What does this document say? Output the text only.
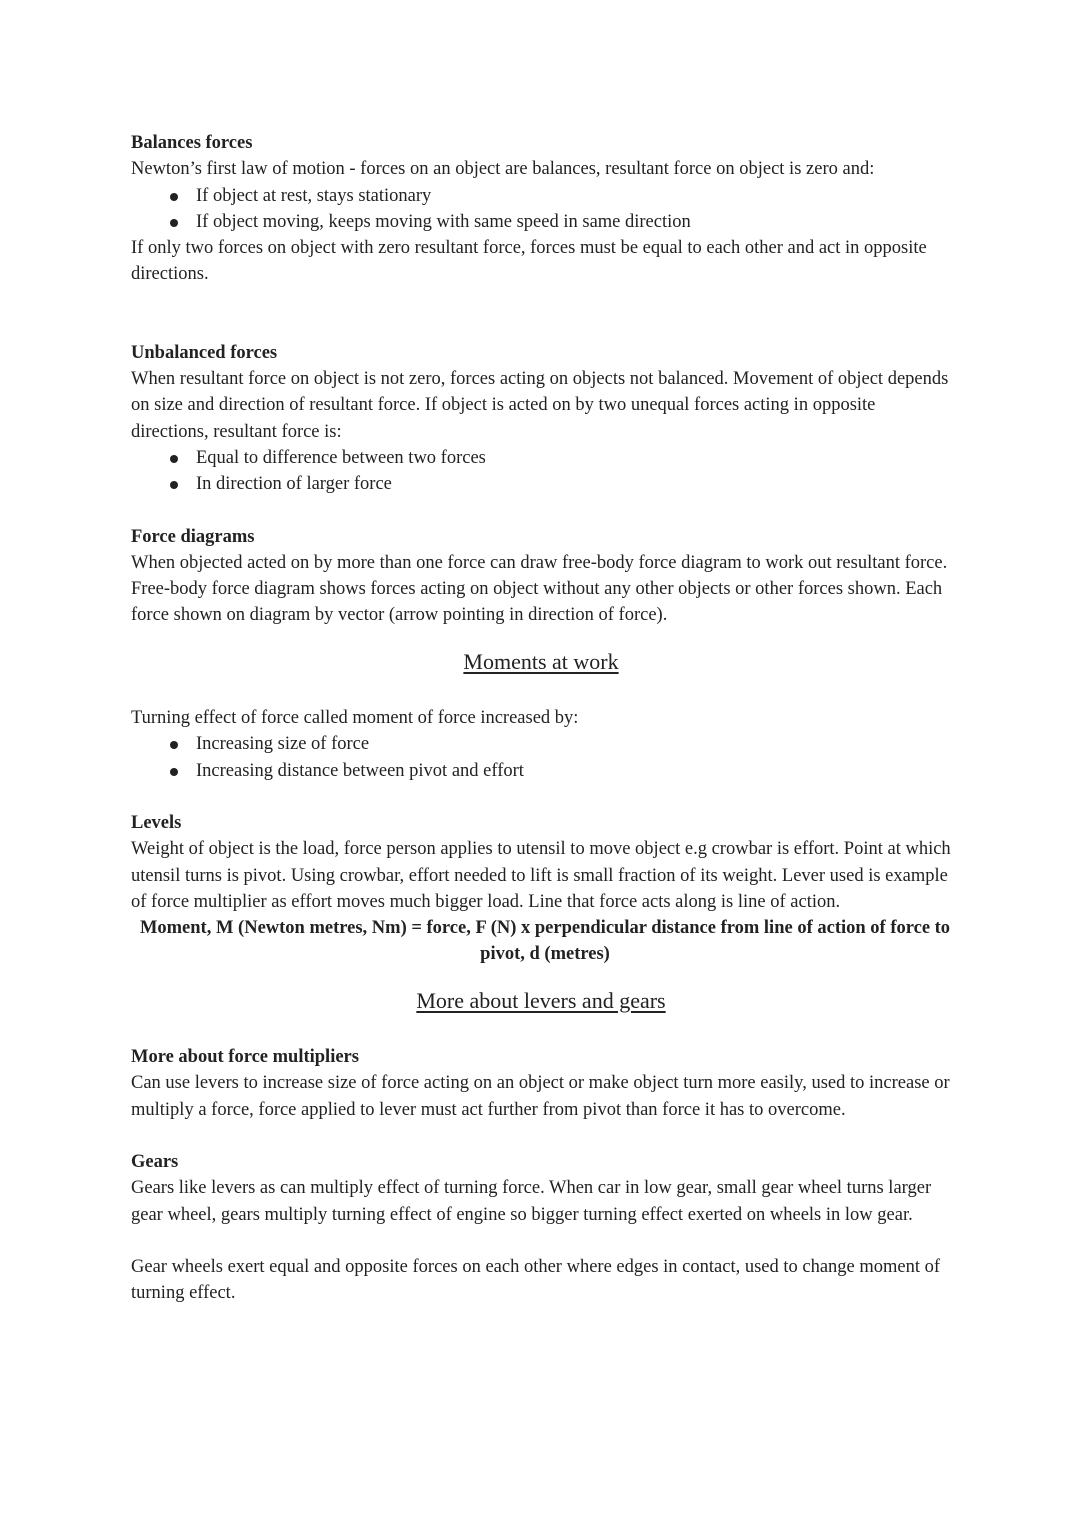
Balances forces

Newton’s first law of motion - forces on an object are balances, resultant force on object is zero and:

If object at rest, stays stationary
If object moving, keeps moving with same speed in same direction

If only two forces on object with zero resultant force, forces must be equal to each other and act in opposite directions.

Unbalanced forces

When resultant force on object is not zero, forces acting on objects not balanced. Movement of object depends on size and direction of resultant force. If object is acted on by two unequal forces acting in opposite directions, resultant force is:

Equal to difference between two forces
In direction of larger force
Force diagrams

When objected acted on by more than one force can draw free-body force diagram to work out resultant force. Free-body force diagram shows forces acting on object without any other objects or other forces shown. Each force shown on diagram by vector (arrow pointing in direction of force).

Moments at work

Turning effect of force called moment of force increased by:

Increasing size of force
Increasing distance between pivot and effort
Levels

Weight of object is the load, force person applies to utensil to move object e.g crowbar is effort. Point at which utensil turns is pivot. Using crowbar, effort needed to lift is small fraction of its weight. Lever used is example of force multiplier as effort moves much bigger load. Line that force acts along is line of action.

Moment, M (Newton metres, Nm) = force, F (N) x perpendicular distance from line of action of force to pivot, d (metres)

More about levers and gears
More about force multipliers

Can use levers to increase size of force acting on an object or make object turn more easily, used to increase or multiply a force, force applied to lever must act further from pivot than force it has to overcome.

Gears

Gears like levers as can multiply effect of turning force. When car in low gear, small gear wheel turns larger gear wheel, gears multiply turning effect of engine so bigger turning effect exerted on wheels in low gear.

Gear wheels exert equal and opposite forces on each other where edges in contact, used to change moment of turning effect.
